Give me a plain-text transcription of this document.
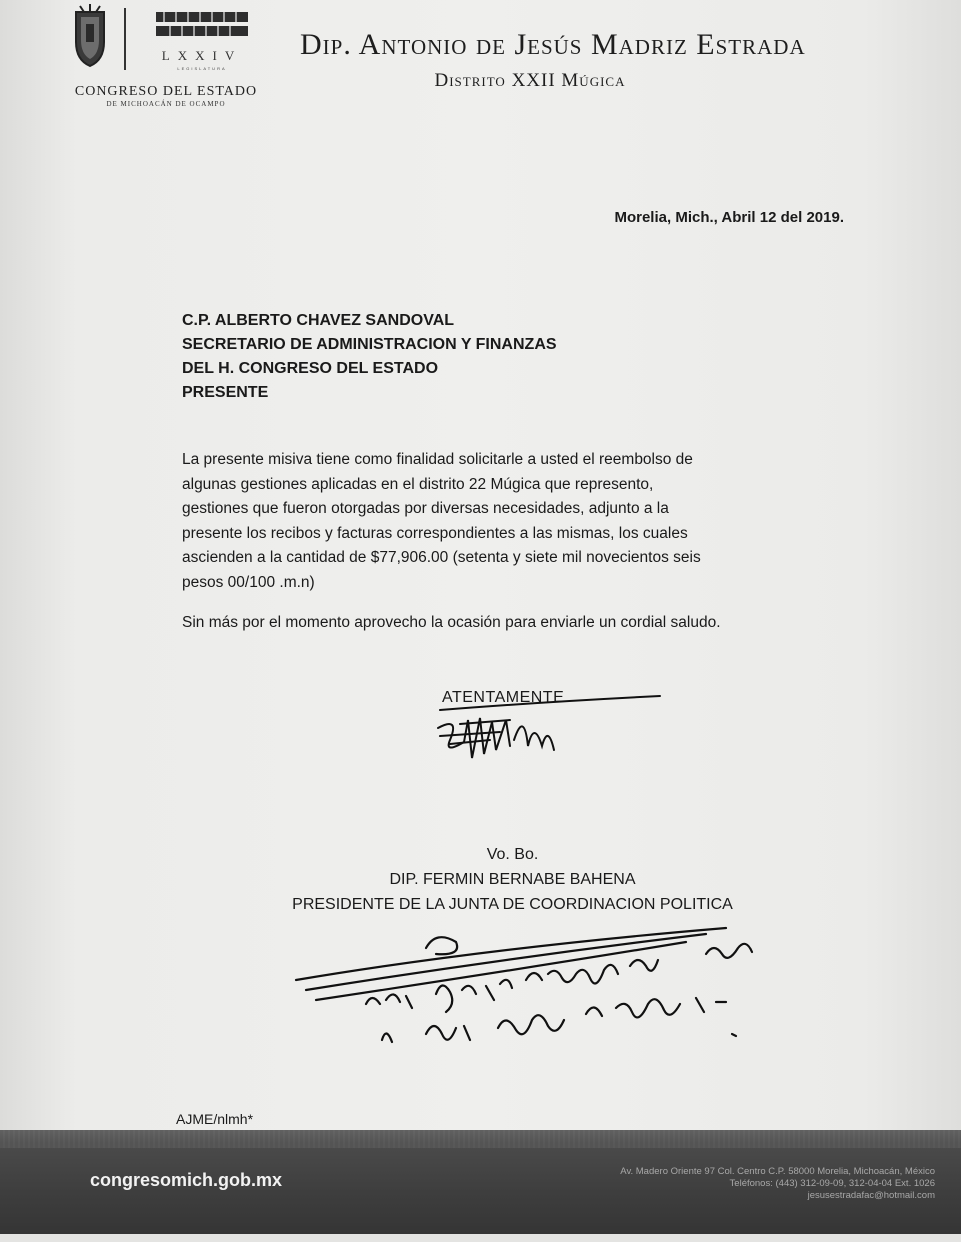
LXXIV
LEGISLATURA
CONGRESO DEL ESTADO
DE MICHOACÁN DE OCAMPO
Dip. Antonio de Jesús Madriz Estrada
Distrito XXII Múgica
Morelia, Mich., Abril 12 del 2019.
C.P. ALBERTO CHAVEZ SANDOVAL
SECRETARIO DE ADMINISTRACION Y FINANZAS
DEL H. CONGRESO DEL ESTADO
PRESENTE
La presente misiva tiene como finalidad solicitarle a usted el reembolso de
algunas gestiones aplicadas en el distrito 22 Múgica que represento,
gestiones que fueron otorgadas por diversas necesidades, adjunto a la
presente los recibos y facturas correspondientes a las mismas, los cuales
ascienden a la cantidad de $77,906.00 (setenta y siete mil novecientos seis
pesos 00/100 .m.n)
Sin más por el momento aprovecho la ocasión para enviarle un cordial saludo.
ATENTAMENTE
Vo. Bo.
DIP. FERMIN BERNABE BAHENA
PRESIDENTE DE LA JUNTA DE COORDINACION POLITICA
AJME/nlmh*
congresomich.gob.mx	Av. Madero Oriente 97 Col. Centro C.P. 58000 Morelia, Michoacán, México
Teléfonos: (443) 312-09-09, 312-04-04 Ext. 1026
jesusestradafac@hotmail.com
